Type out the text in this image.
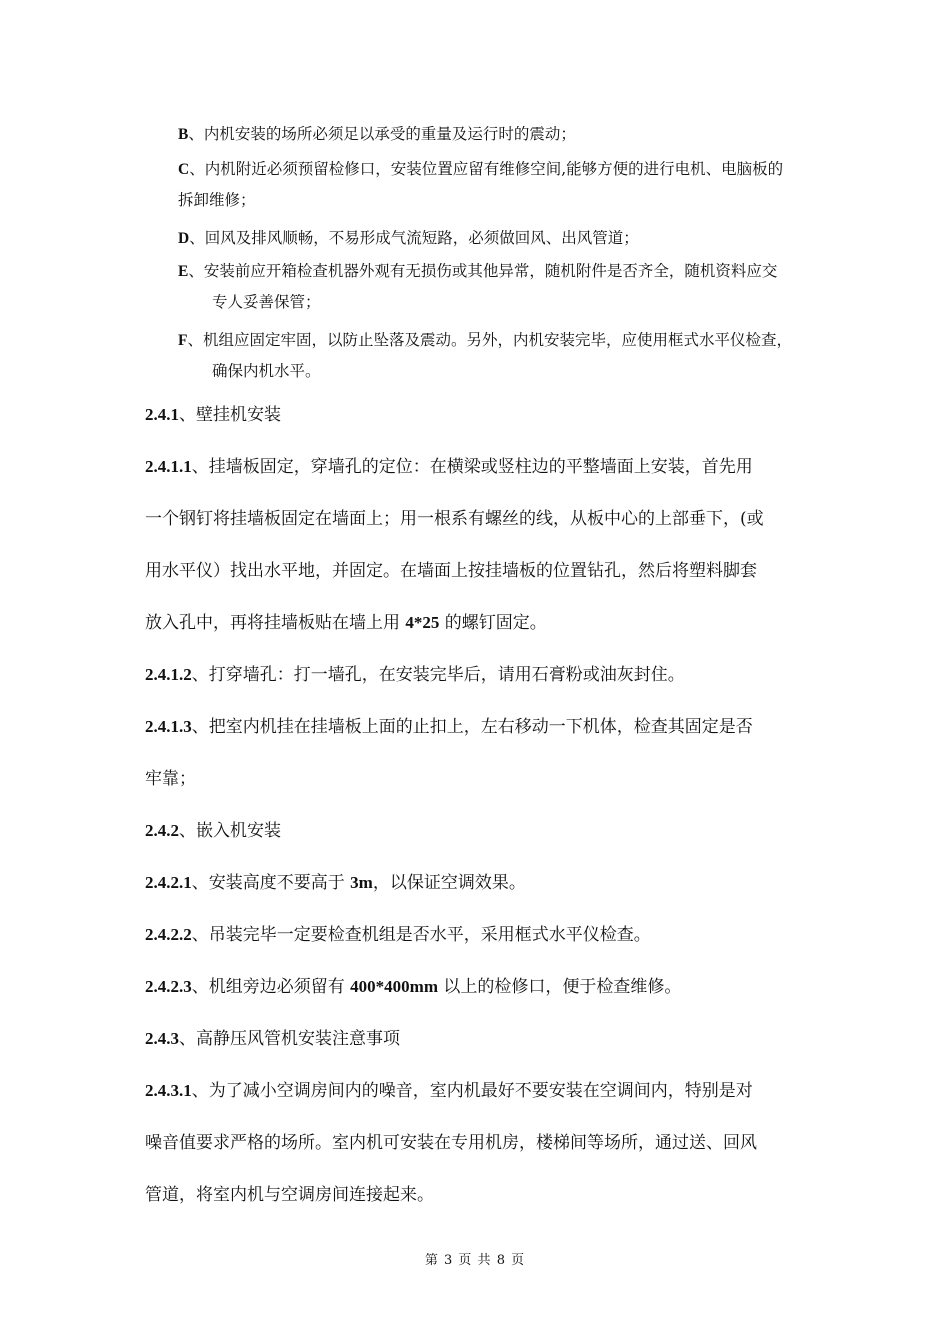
B、内机安装的场所必须足以承受的重量及运行时的震动；
C、内机附近必须预留检修口，安装位置应留有维修空间,能够方便的进行电机、电脑板的
拆卸维修；
D、回风及排风顺畅，不易形成气流短路，必须做回风、出风管道；
E、安装前应开箱检查机器外观有无损伤或其他异常，随机附件是否齐全，随机资料应交
专人妥善保管；
F、机组应固定牢固，以防止坠落及震动。另外，内机安装完毕，应使用框式水平仪检查，
确保内机水平。
2.4.1、壁挂机安装
2.4.1.1、挂墙板固定，穿墙孔的定位：在横梁或竖柱边的平整墙面上安装，首先用
一个钢钉将挂墙板固定在墙面上；用一根系有螺丝的线，从板中心的上部垂下，(或
用水平仪）找出水平地，并固定。在墙面上按挂墙板的位置钻孔，然后将塑料脚套
放入孔中，再将挂墙板贴在墙上用 4*25 的螺钉固定。
2.4.1.2、打穿墙孔：打一墙孔，在安装完毕后，请用石膏粉或油灰封住。
2.4.1.3、把室内机挂在挂墙板上面的止扣上，左右移动一下机体，检查其固定是否
牢靠；
2.4.2、嵌入机安装
2.4.2.1、安装高度不要高于 3m，以保证空调效果。
2.4.2.2、吊装完毕一定要检查机组是否水平，采用框式水平仪检查。
2.4.2.3、机组旁边必须留有 400*400mm 以上的检修口，便于检查维修。
2.4.3、高静压风管机安装注意事项
2.4.3.1、为了减小空调房间内的噪音，室内机最好不要安装在空调间内，特别是对
噪音值要求严格的场所。室内机可安装在专用机房，楼梯间等场所，通过送、回风
管道，将室内机与空调房间连接起来。
第 3 页 共 8 页
